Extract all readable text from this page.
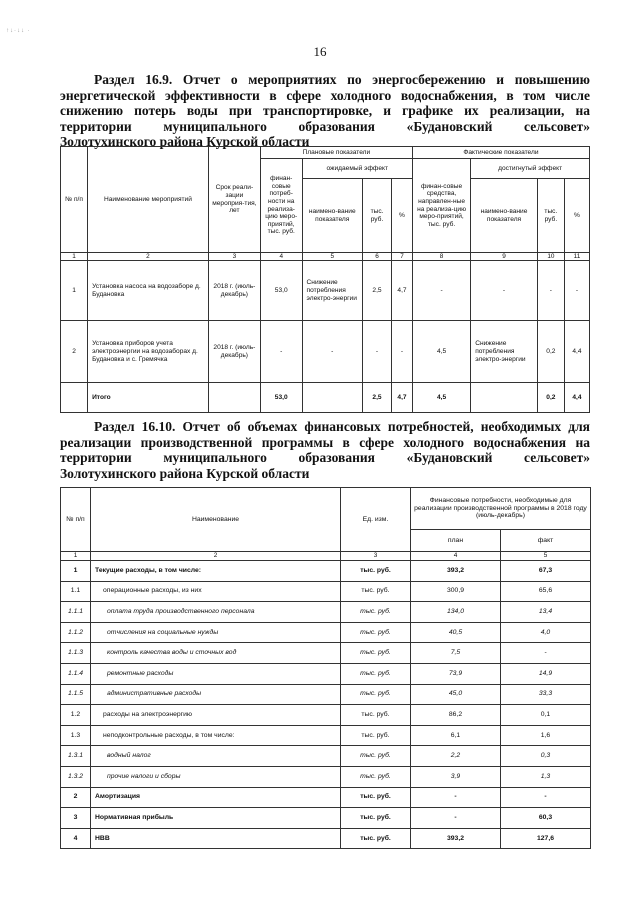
↑↓·↓↓ ·
16
Раздел 16.9. Отчет о мероприятиях по энергосбережению и повышению
энергетической эффективности в сфере холодного водоснабжения, в том числе
снижению потерь воды при транспортировке, и графике их реализации, на
территории муниципального образования «Будановский сельсовет»
Золотухинского района Курской области
№ п/п	Наименование мероприятий	Срок реали-зации мероприя-тия, лет	Плановые показатели				Фактические показатели			
			финан-совые потреб-ности на реализа-цию меро-приятий, тыс. руб.	ожидаемый эффект			финан-совые средства, направлен-ные на реализа-цию меро-приятий, тыс. руб.	достигнутый эффект		
				наимено-вание показателя	тыс. руб.	%		наимено-вание показателя	тыс. руб.	%
1	2	3	4	5	6	7	8	9	10	11
1	Установка насоса на водозаборе д. Будановка	2018 г. (июль-декабрь)	53,0	Снижение потребления электро-энергии	2,5	4,7	-	-	-	-
2	Установка приборов учета электроэнергии на водозаборах д. Будановка и с. Гремячка	2018 г. (июль-декабрь)	-	-	-	-	4,5	Снижение потребления электро-энергии	0,2	4,4
	Итого		53,0		2,5	4,7	4,5		0,2	4,4
Раздел 16.10. Отчет об объемах финансовых потребностей, необходимых для
реализации производственной программы в сфере холодного водоснабжения на
территории муниципального образования «Будановский сельсовет»
Золотухинского района Курской области
№ п/п	Наименование	Ед. изм.	Финансовые потребности, необходимые для реализации производственной программы в 2018 году (июль-декабрь)	
			план	факт
1	2	3	4	5
1	Текущие расходы, в том числе:	тыс. руб.	393,2	67,3
1.1	операционные расходы, из них	тыс. руб.	300,9	65,6
1.1.1	оплата труда производственного персонала	тыс. руб.	134,0	13,4
1.1.2	отчисления на социальные нужды	тыс. руб.	40,5	4,0
1.1.3	контроль качества воды и сточных вод	тыс. руб.	7,5	-
1.1.4	ремонтные расходы	тыс. руб.	73,9	14,9
1.1.5	административные расходы	тыс. руб.	45,0	33,3
1.2	расходы на электроэнергию	тыс. руб.	86,2	0,1
1.3	неподконтрольные расходы, в том числе:	тыс. руб.	6,1	1,6
1.3.1	водный налог	тыс. руб.	2,2	0,3
1.3.2	прочие налоги и сборы	тыс. руб.	3,9	1,3
2	Амортизация	тыс. руб.	-	-
3	Нормативная прибыль	тыс. руб.	-	60,3
4	НВВ	тыс. руб.	393,2	127,6
